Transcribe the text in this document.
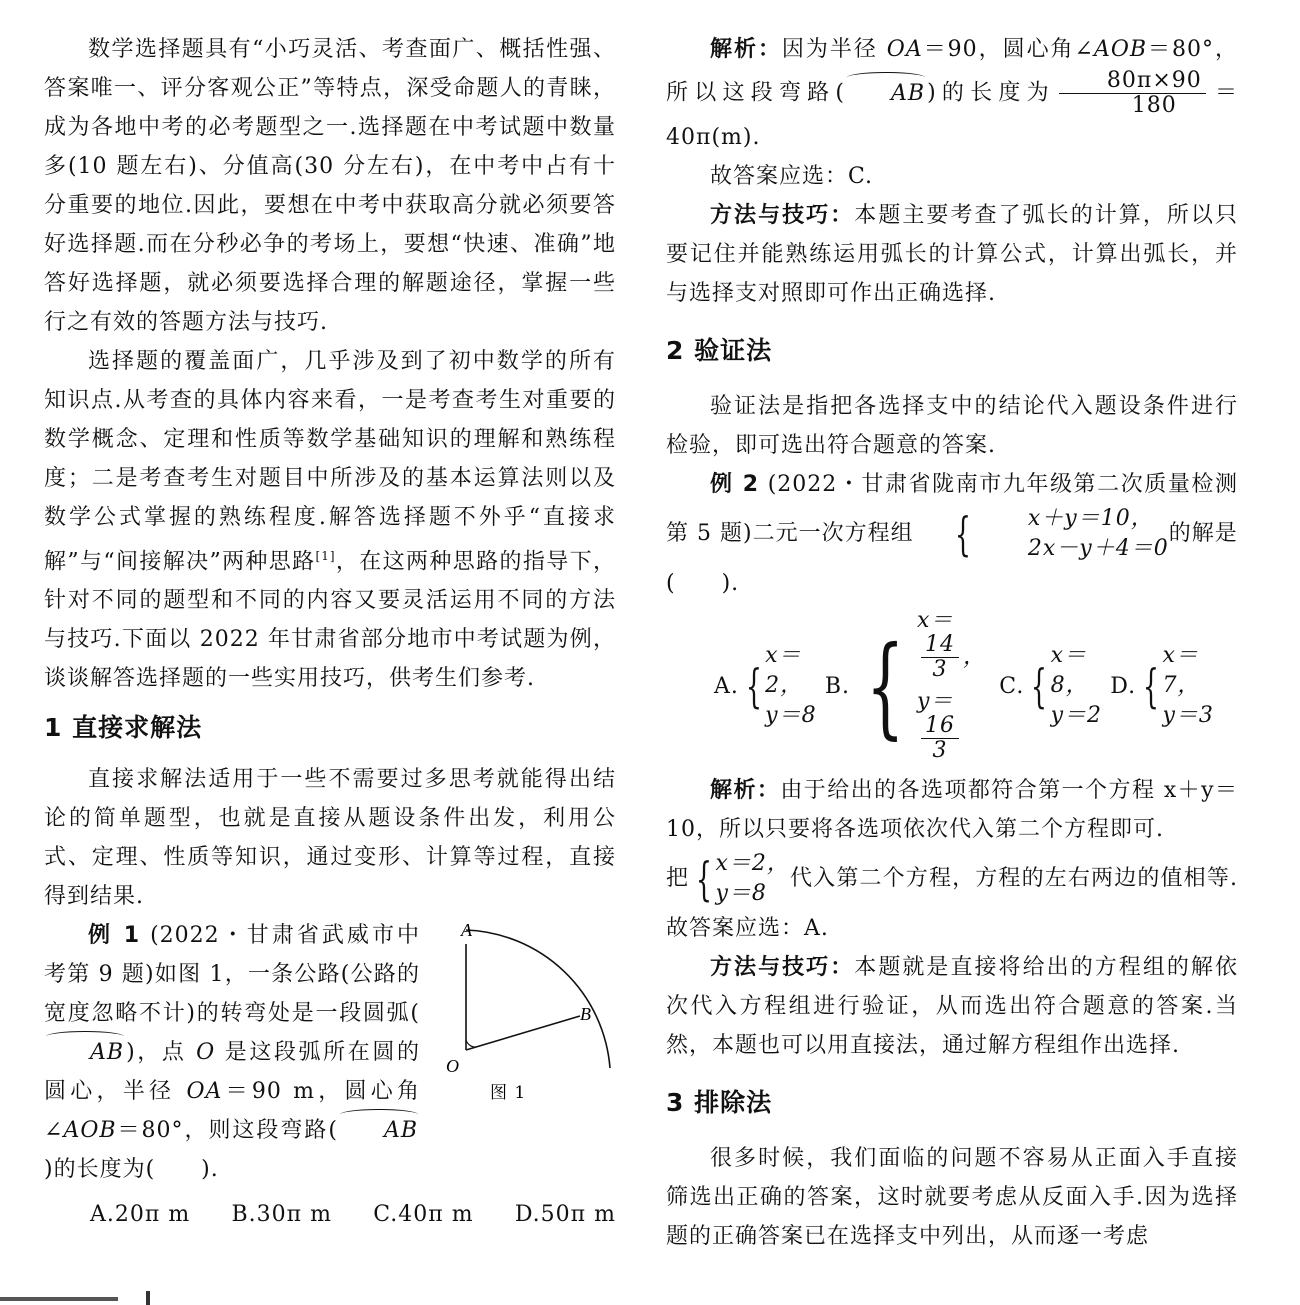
数学选择题具有“小巧灵活、考查面广、概括性强、答案唯一、评分客观公正”等特点，深受命题人的青睐，成为各地中考的必考题型之一.选择题在中考试题中数量多(10 题左右)、分值高(30 分左右)，在中考中占有十分重要的地位.因此，要想在中考中获取高分就必须要答好选择题.而在分秒必争的考场上，要想“快速、准确”地答好选择题，就必须要选择合理的解题途径，掌握一些行之有效的答题方法与技巧.

选择题的覆盖面广，几乎涉及到了初中数学的所有知识点.从考查的具体内容来看，一是考查考生对重要的数学概念、定理和性质等数学基础知识的理解和熟练程度；二是考查考生对题目中所涉及的基本运算法则以及数学公式掌握的熟练程度.解答选择题不外乎“直接求解”与“间接解决”两种思路[1]，在这两种思路的指导下，针对不同的题型和不同的内容又要灵活运用不同的方法与技巧.下面以 2022 年甘肃省部分地市中考试题为例，谈谈解答选择题的一些实用技巧，供考生们参考.

1 直接求解法

直接求解法适用于一些不需要过多思考就能得出结论的简单题型，也就是直接从题设条件出发，利用公式、定理、性质等知识，通过变形、计算等过程，直接得到结果.

例 1 (2022・甘肃省武威市中考第 9 题)如图 1，一条公路(公路的宽度忽略不计)的转弯处是一段圆弧(AB)，点 O 是这段弧所在圆的圆心，半径 OA＝90 m，圆心角∠AOB＝80°，则这段弯路( AB)的长度为(　　).

A
B
O
图 1
A.20π m B.30π m C.40π m D.50π m

解析：因为半径 OA＝90，圆心角∠AOB＝80°，所以这段弯路( AB)的长度为 $\frac{80\pi\times 90}{180} =40\pi(m)$.

故答案应选：C.

方法与技巧：本题主要考查了弧长的计算，所以只要记住并能熟练运用弧长的计算公式，计算出弧长，并与选择支对照即可作出正确选择.

2 验证法

验证法是指把各选择支中的结论代入题设条件进行检验，即可选出符合题意的答案.

例 2 (2022・甘肃省陇南市九年级第二次质量检测第 5 题)二元一次方程组 {	x＋y＝10，
2x－y＋4＝0
的解是

(　　).

A. {
x＝2，
y＝8
B. {
x＝
$\frac{14}{3}$ ，
y＝
$\frac{16}{3}$
C. {
x＝8，
y＝2
D. {
x＝7，
y＝3

解析：由于给出的各选项都符合第一个方程 x＋y＝10，所以只要将各选项依次代入第二个方程即可.

把 { x＝2，
y＝8
代入第二个方程，方程的左右两边的值相等.故答案应选：A.

方法与技巧：本题就是直接将给出的方程组的解依次代入方程组进行验证，从而选出符合题意的答案.当然，本题也可以用直接法，通过解方程组作出选择.

3 排除法

很多时候，我们面临的问题不容易从正面入手直接筛选出正确的答案，这时就要考虑从反面入手.因为选择题的正确答案已在选择支中列出，从而逐一考虑
